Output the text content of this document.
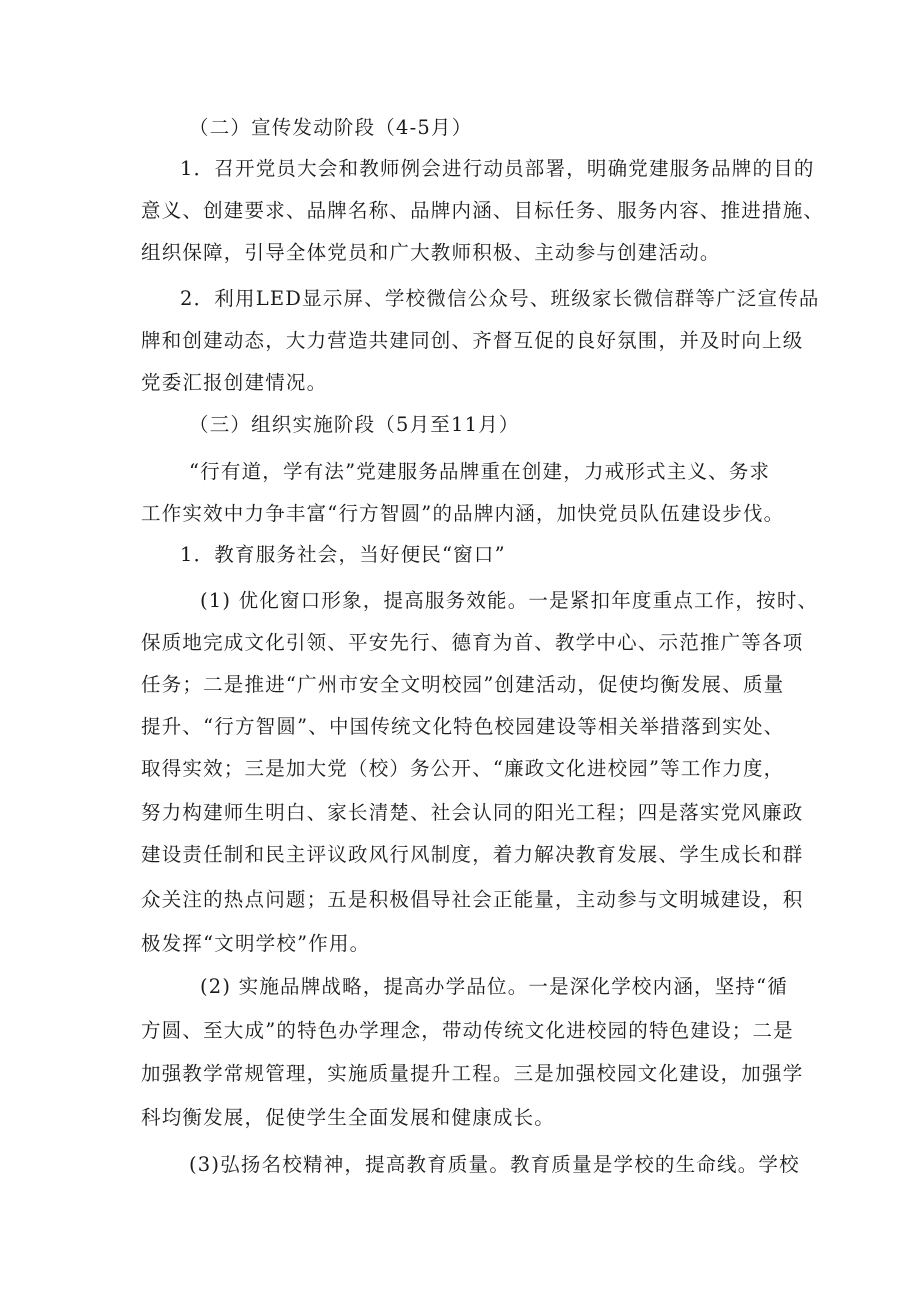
（二）宣传发动阶段（4-5月）
1．召开党员大会和教师例会进行动员部署，明确党建服务品牌的目的
意义、创建要求、品牌名称、品牌内涵、目标任务、服务内容、推进措施、
组织保障，引导全体党员和广大教师积极、主动参与创建活动。
2．利用LED显示屏、学校微信公众号、班级家长微信群等广泛宣传品
牌和创建动态，大力营造共建同创、齐督互促的良好氛围，并及时向上级
党委汇报创建情况。
（三）组织实施阶段（5月至11月）
“行有道，学有法”党建服务品牌重在创建，力戒形式主义、务求
工作实效中力争丰富“行方智圆”的品牌内涵，加快党员队伍建设步伐。
1．教育服务社会，当好便民“窗口”
(1) 优化窗口形象，提高服务效能。一是紧扣年度重点工作，按时、
保质地完成文化引领、平安先行、德育为首、教学中心、示范推广等各项
任务；二是推进“广州市安全文明校园”创建活动，促使均衡发展、质量
提升、“行方智圆”、中国传统文化特色校园建设等相关举措落到实处、
取得实效；三是加大党（校）务公开、“廉政文化进校园”等工作力度，
努力构建师生明白、家长清楚、社会认同的阳光工程；四是落实党风廉政
建设责任制和民主评议政风行风制度，着力解决教育发展、学生成长和群
众关注的热点问题；五是积极倡导社会正能量，主动参与文明城建设，积
极发挥“文明学校”作用。
(2) 实施品牌战略，提高办学品位。一是深化学校内涵，坚持“循
方圆、至大成”的特色办学理念，带动传统文化进校园的特色建设；二是
加强教学常规管理，实施质量提升工程。三是加强校园文化建设，加强学
科均衡发展，促使学生全面发展和健康成长。
(3)弘扬名校精神，提高教育质量。教育质量是学校的生命线。学校
